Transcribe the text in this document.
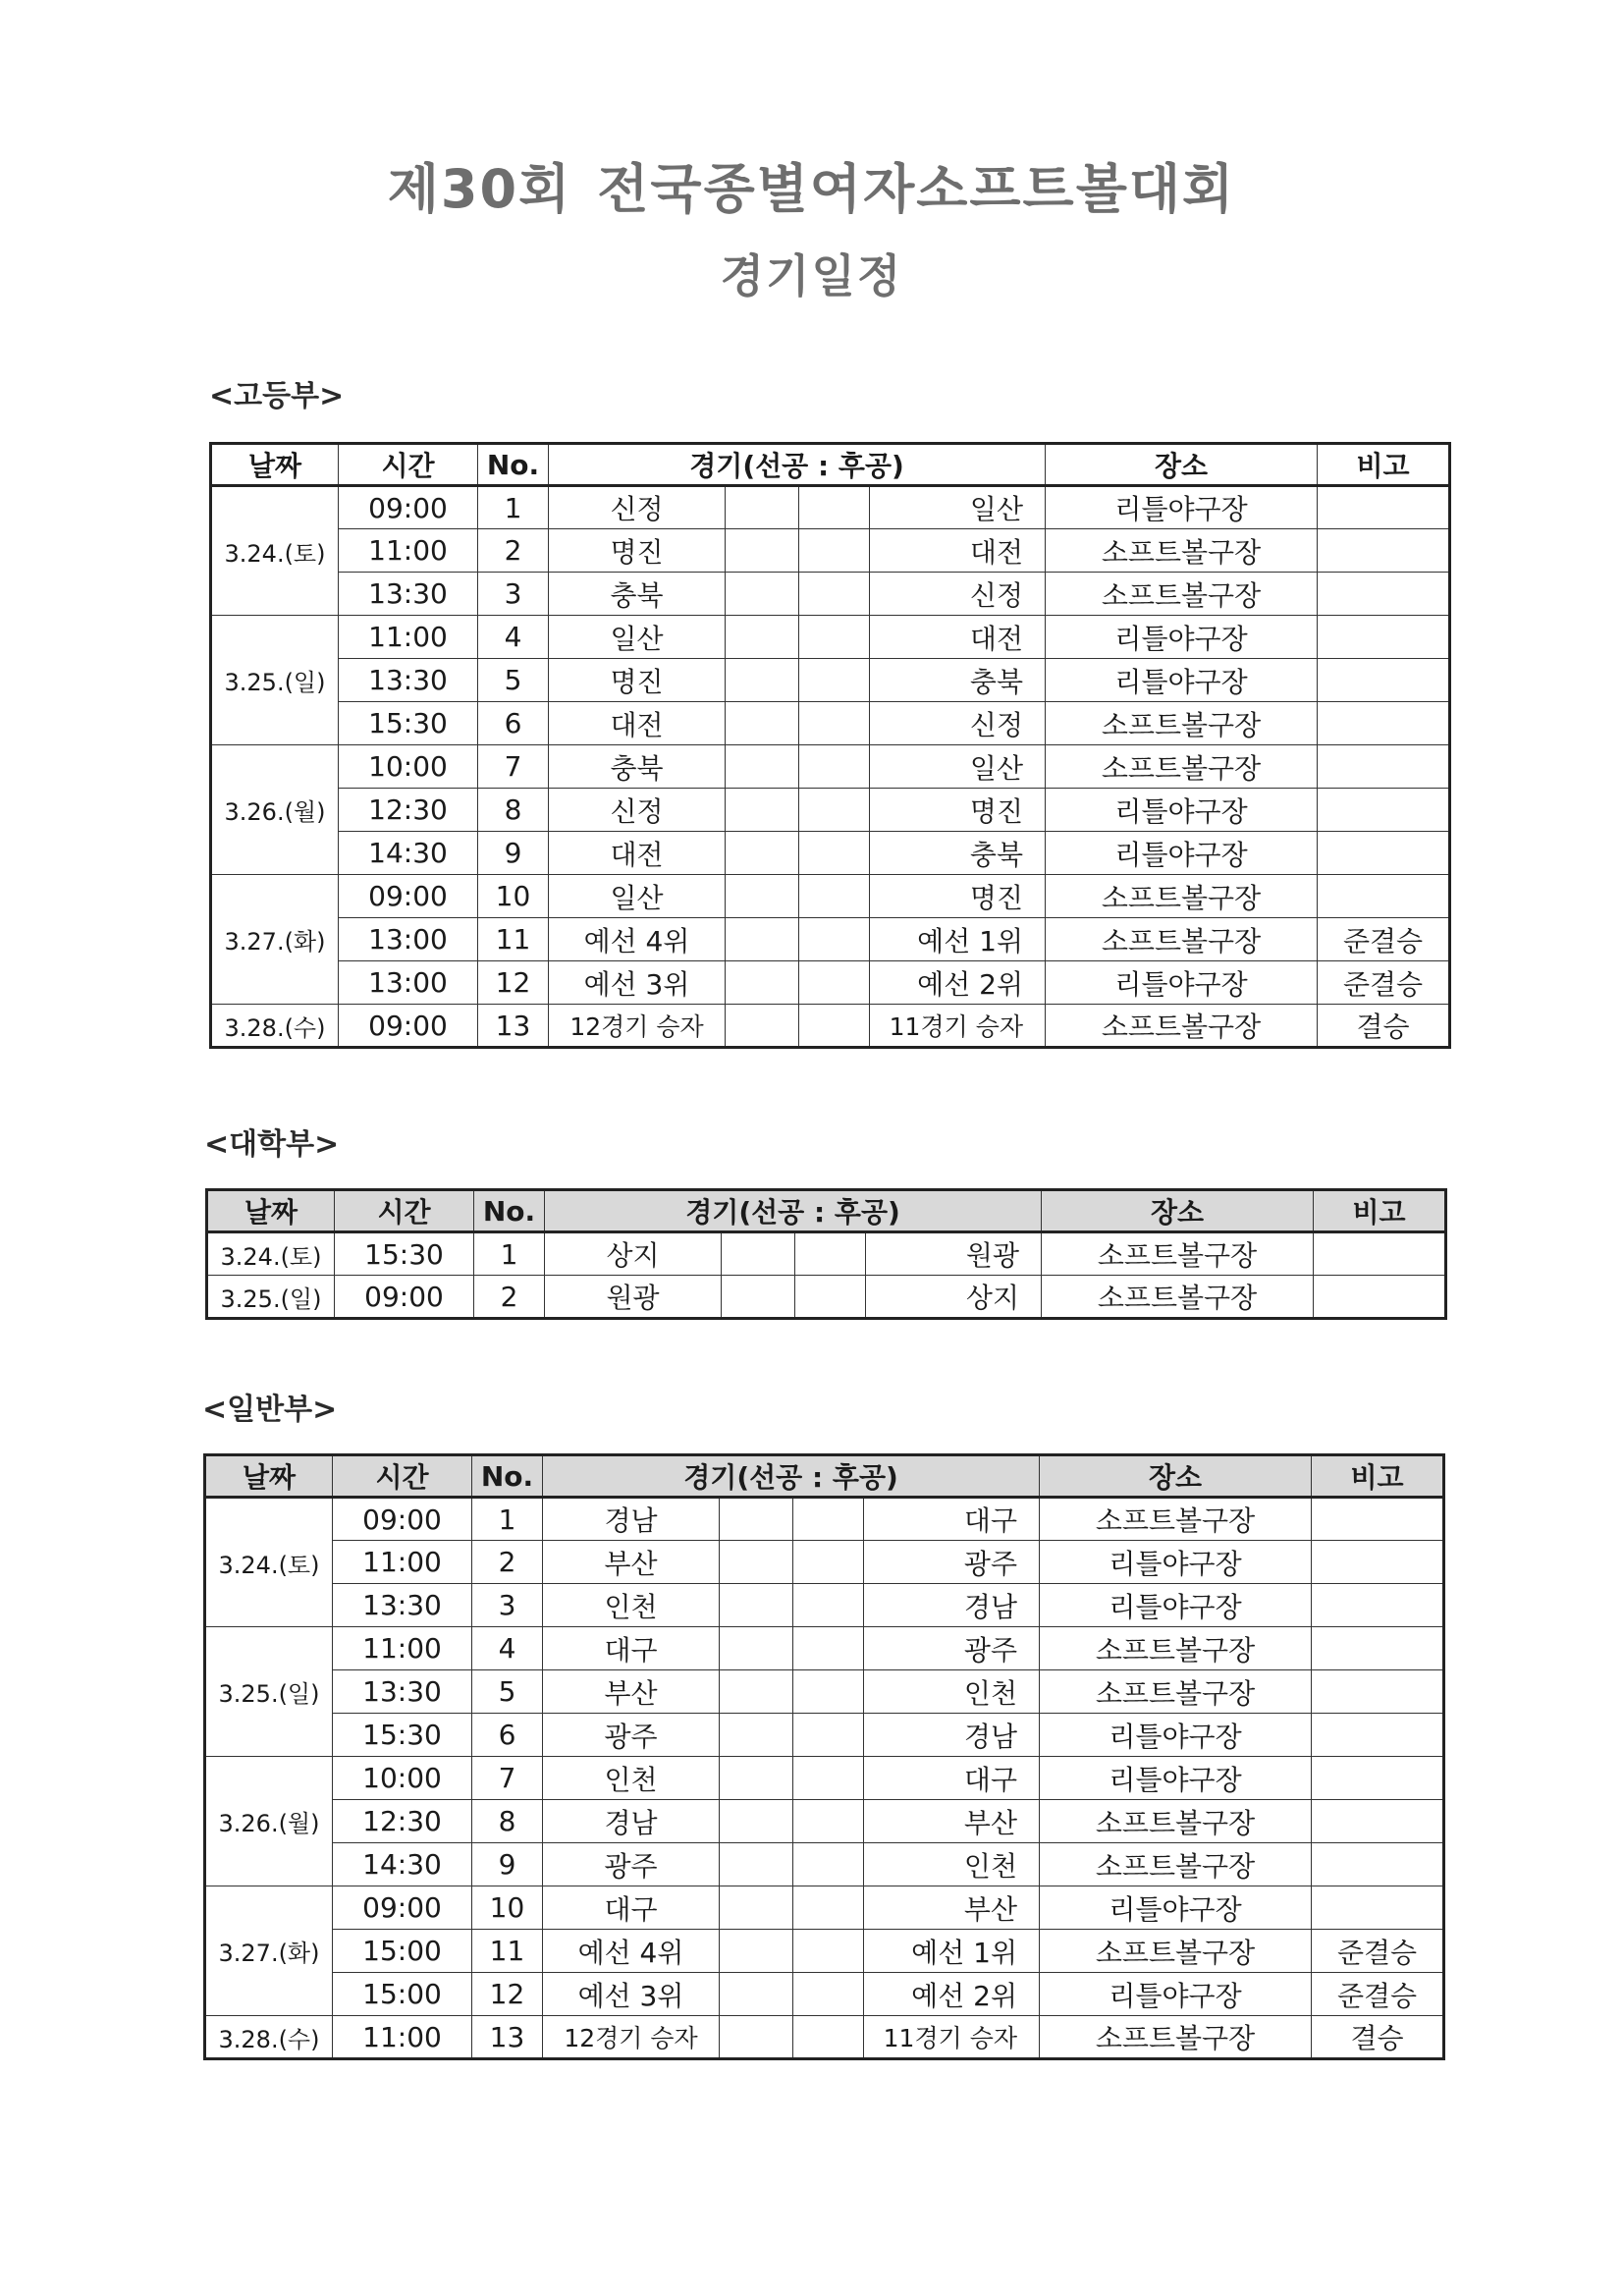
제30회 전국종별여자소프트볼대회
경기일정
<고등부>
날짜	시간	No.	경기(선공 : 후공)				장소	비고
3.24.(토)	09:00	1	신정			일산	리틀야구장	
	11:00	2	명진			대전	소프트볼구장	
	13:30	3	충북			신정	소프트볼구장	
3.25.(일)	11:00	4	일산			대전	리틀야구장	
	13:30	5	명진			충북	리틀야구장	
	15:30	6	대전			신정	소프트볼구장	
3.26.(월)	10:00	7	충북			일산	소프트볼구장	
	12:30	8	신정			명진	리틀야구장	
	14:30	9	대전			충북	리틀야구장	
3.27.(화)	09:00	10	일산			명진	소프트볼구장	
	13:00	11	예선 4위			예선 1위	소프트볼구장	준결승
	13:00	12	예선 3위			예선 2위	리틀야구장	준결승
3.28.(수)	09:00	13	12경기 승자			11경기 승자	소프트볼구장	결승
<대학부>
날짜	시간	No.	경기(선공 : 후공)				장소	비고
3.24.(토)	15:30	1	상지			원광	소프트볼구장	
3.25.(일)	09:00	2	원광			상지	소프트볼구장	
<일반부>
날짜	시간	No.	경기(선공 : 후공)				장소	비고
3.24.(토)	09:00	1	경남			대구	소프트볼구장	
	11:00	2	부산			광주	리틀야구장	
	13:30	3	인천			경남	리틀야구장	
3.25.(일)	11:00	4	대구			광주	소프트볼구장	
	13:30	5	부산			인천	소프트볼구장	
	15:30	6	광주			경남	리틀야구장	
3.26.(월)	10:00	7	인천			대구	리틀야구장	
	12:30	8	경남			부산	소프트볼구장	
	14:30	9	광주			인천	소프트볼구장	
3.27.(화)	09:00	10	대구			부산	리틀야구장	
	15:00	11	예선 4위			예선 1위	소프트볼구장	준결승
	15:00	12	예선 3위			예선 2위	리틀야구장	준결승
3.28.(수)	11:00	13	12경기 승자			11경기 승자	소프트볼구장	결승
